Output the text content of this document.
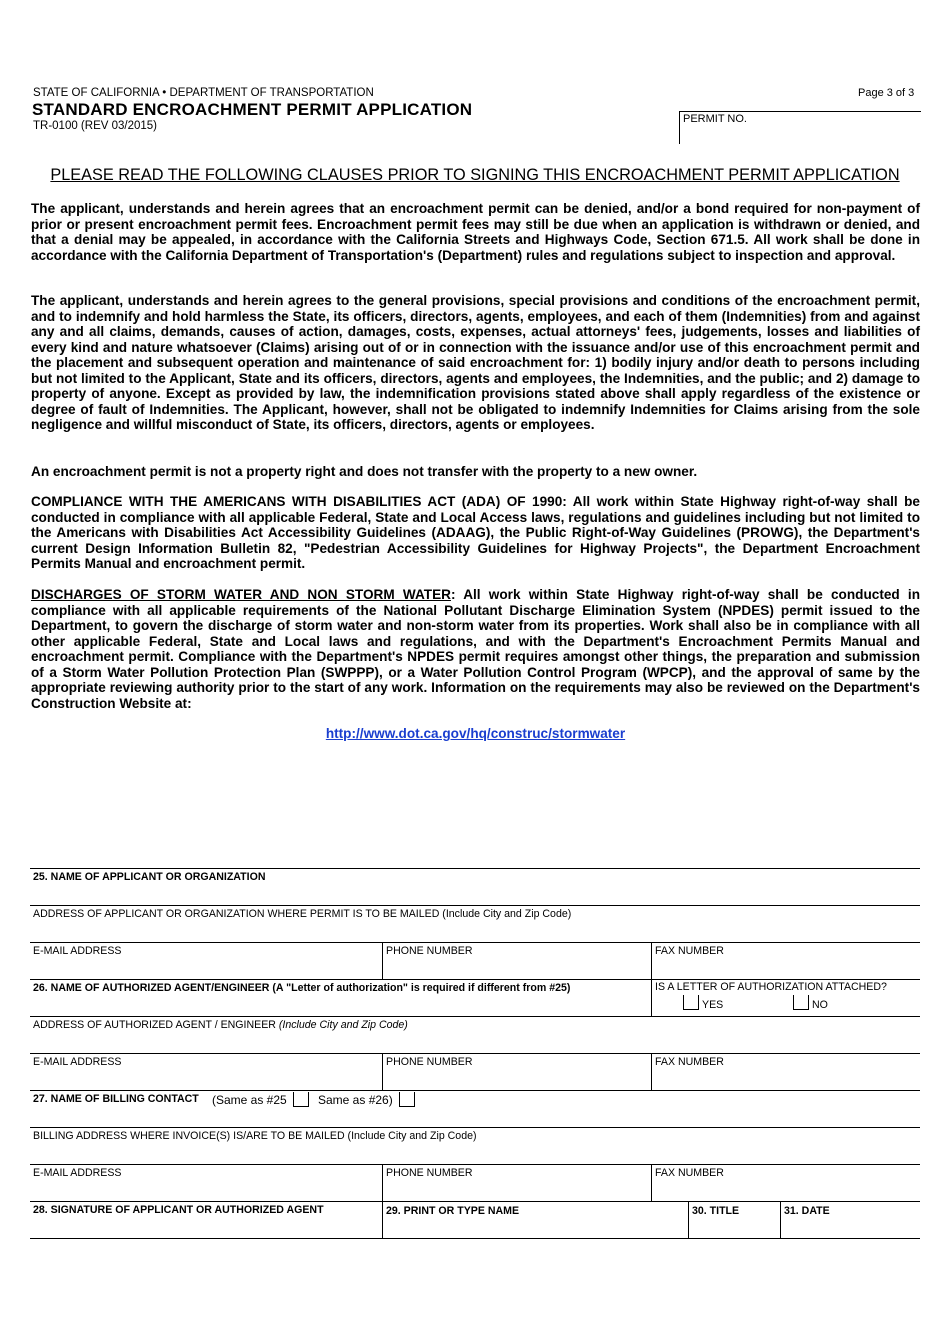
STATE OF CALIFORNIA • DEPARTMENT OF TRANSPORTATION
STANDARD ENCROACHMENT PERMIT APPLICATION
TR-0100 (REV 03/2015)
Page 3 of 3
PERMIT NO.
PLEASE READ THE FOLLOWING CLAUSES PRIOR TO SIGNING THIS ENCROACHMENT PERMIT APPLICATION

The applicant, understands and herein agrees that an encroachment permit can be denied, and/or a bond required for non-payment of prior or present encroachment permit fees. Encroachment permit fees may still be due when an application is withdrawn or denied, and that a denial may be appealed, in accordance with the California Streets and Highways Code, Section 671.5. All work shall be done in accordance with the California Department of Transportation's (Department) rules and regulations subject to inspection and approval.

The applicant, understands and herein agrees to the general provisions, special provisions and conditions of the encroachment permit, and to indemnify and hold harmless the State, its officers, directors, agents, employees, and each of them (Indemnities) from and against any and all claims, demands, causes of action, damages, costs, expenses, actual attorneys' fees, judgements, losses and liabilities of every kind and nature whatsoever (Claims) arising out of or in connection with the issuance and/or use of this encroachment permit and the placement and subsequent operation and maintenance of said encroachment for: 1) bodily injury and/or death to persons including but not limited to the Applicant, State and its officers, directors, agents and employees, the Indemnities, and the public; and 2) damage to property of anyone. Except as provided by law, the indemnification provisions stated above shall apply regardless of the existence or degree of fault of Indemnities. The Applicant, however, shall not be obligated to indemnify Indemnities for Claims arising from the sole negligence and willful misconduct of State, its officers, directors, agents or employees.

An encroachment permit is not a property right and does not transfer with the property to a new owner.

COMPLIANCE WITH THE AMERICANS WITH DISABILITIES ACT (ADA) OF 1990: All work within State Highway right-of-way shall be conducted in compliance with all applicable Federal, State and Local Access laws, regulations and guidelines including but not limited to the Americans with Disabilities Act Accessibility Guidelines (ADAAG), the Public Right-of-Way Guidelines (PROWG), the Department's current Design Information Bulletin 82, "Pedestrian Accessibility Guidelines for Highway Projects", the Department Encroachment Permits Manual and encroachment permit.

DISCHARGES OF STORM WATER AND NON STORM WATER: All work within State Highway right-of-way shall be conducted in compliance with all applicable requirements of the National Pollutant Discharge Elimination System (NPDES) permit issued to the Department, to govern the discharge of storm water and non-storm water from its properties. Work shall also be in compliance with all other applicable Federal, State and Local laws and regulations, and with the Department's Encroachment Permits Manual and encroachment permit. Compliance with the Department's NPDES permit requires amongst other things, the preparation and submission of a Storm Water Pollution Protection Plan (SWPPP), or a Water Pollution Control Program (WPCP), and the approval of same by the appropriate reviewing authority prior to the start of any work. Information on the requirements may also be reviewed on the Department's Construction Website at:

http://www.dot.ca.gov/hq/construc/stormwater
25. NAME OF APPLICANT OR ORGANIZATION
ADDRESS OF APPLICANT OR ORGANIZATION WHERE PERMIT IS TO BE MAILED (Include City and Zip Code)
E-MAIL ADDRESS	PHONE NUMBER	FAX NUMBER
26. NAME OF AUTHORIZED AGENT/ENGINEER (A "Letter of authorization" is required if different from #25)	IS A LETTER OF AUTHORIZATION ATTACHED?
YES	NO
ADDRESS OF AUTHORIZED AGENT / ENGINEER (Include City and Zip Code)
E-MAIL ADDRESS	PHONE NUMBER	FAX NUMBER
27. NAME OF BILLING CONTACT (Same as #25	Same as #26)
BILLING ADDRESS WHERE INVOICE(S) IS/ARE TO BE MAILED (Include City and Zip Code)
E-MAIL ADDRESS	PHONE NUMBER	FAX NUMBER
28. SIGNATURE OF APPLICANT OR AUTHORIZED AGENT	29. PRINT OR TYPE NAME	30. TITLE	31. DATE
